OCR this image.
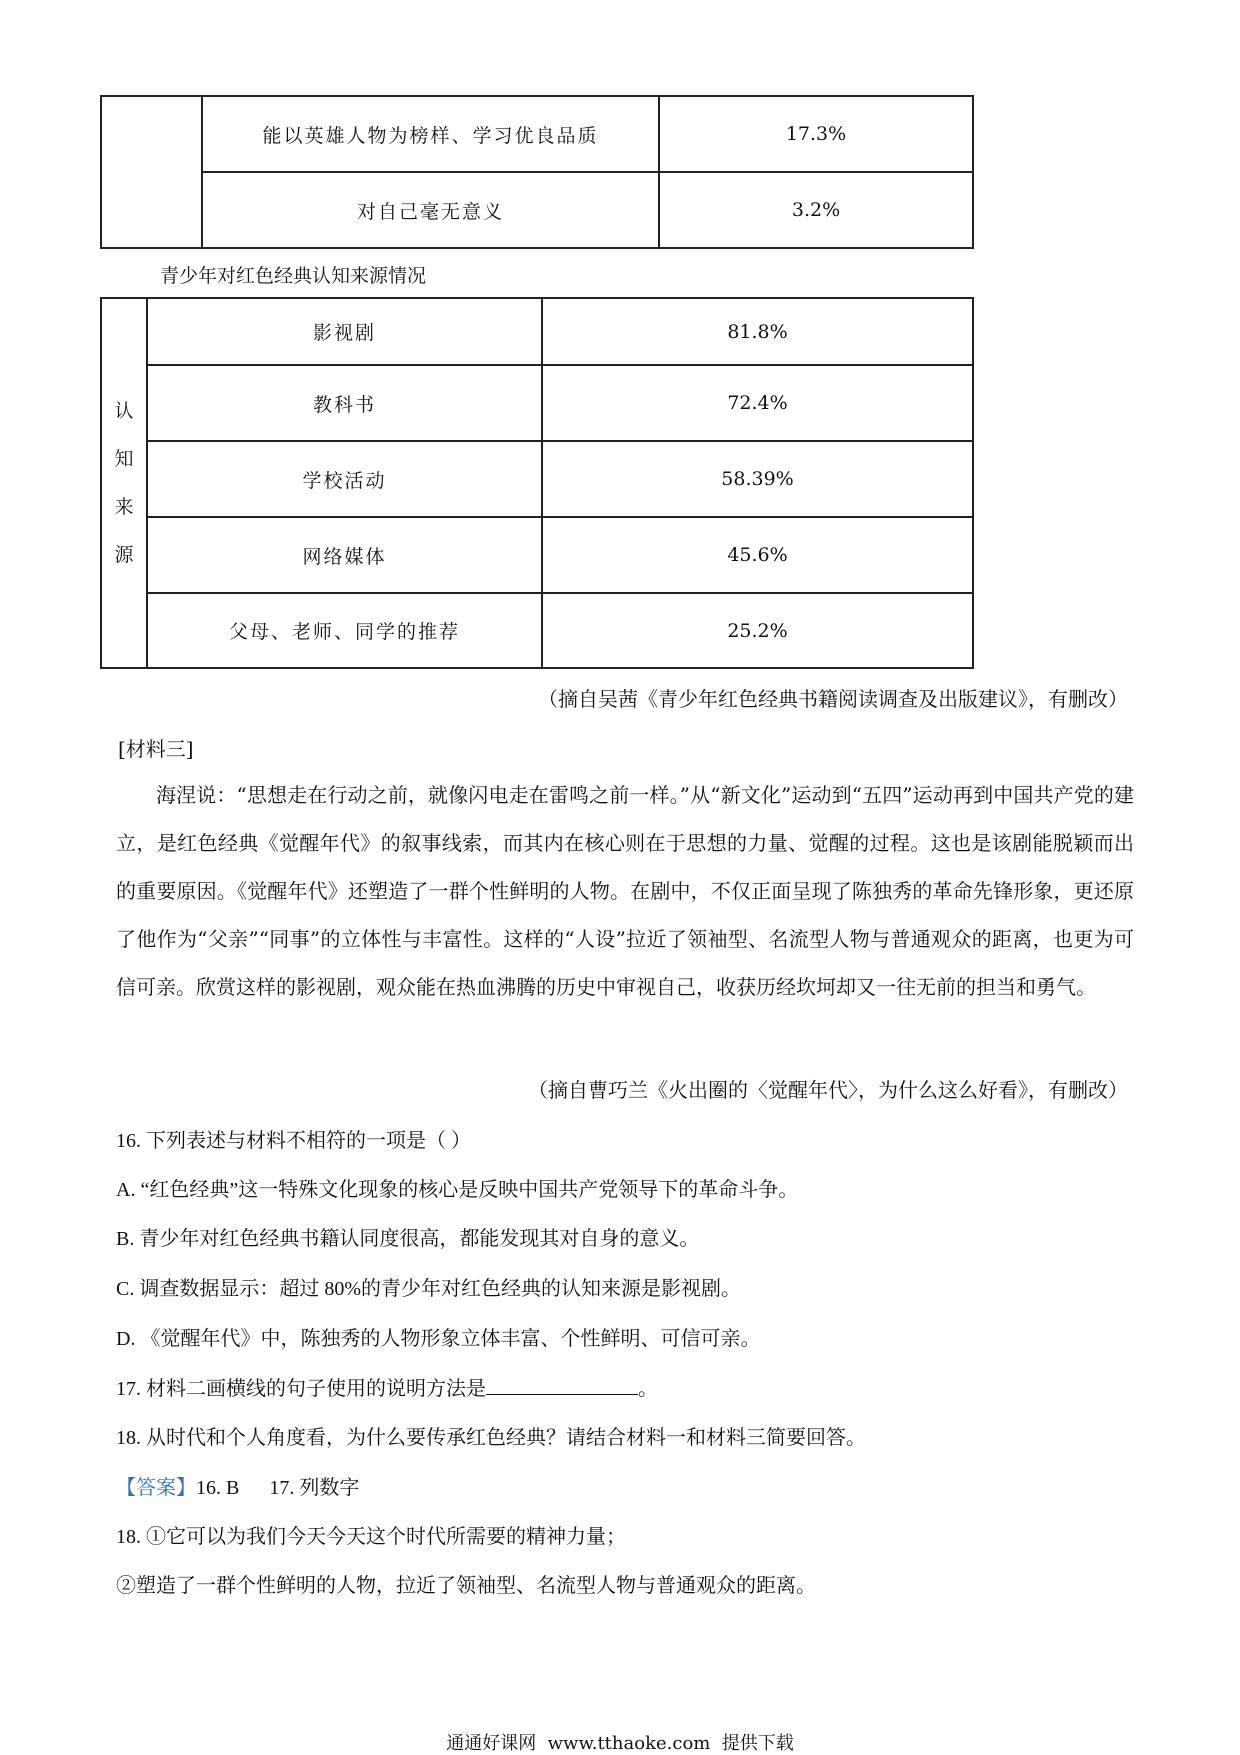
	能以英雄人物为榜样、学习优良品质	17.3%
	对自己毫无意义	3.2%
青少年对红色经典认知来源情况
认
知
来
源	影视剧	81.8%
	教科书	72.4%
	学校活动	58.39%
	网络媒体	45.6%
	父母、老师、同学的推荐	25.2%
（摘自吴茜《青少年红色经典书籍阅读调查及出版建议》，有删改）
[材料三]
海涅说：“思想走在行动之前，就像闪电走在雷鸣之前一样。”从“新文化”运动到“五四”运动再到中国共产党的建立，是红色经典《觉醒年代》的叙事线索，而其内在核心则在于思想的力量、觉醒的过程。这也是该剧能脱颖而出的重要原因。《觉醒年代》还塑造了一群个性鲜明的人物。在剧中，不仅正面呈现了陈独秀的革命先锋形象，更还原了他作为“父亲”“同事”的立体性与丰富性。这样的“人设”拉近了领袖型、名流型人物与普通观众的距离，也更为可信可亲。欣赏这样的影视剧，观众能在热血沸腾的历史中审视自己，收获历经坎坷却又一往无前的担当和勇气。
（摘自曹巧兰《火出圈的〈觉醒年代〉，为什么这么好看》，有删改）
16. 下列表述与材料不相符的一项是（ ）
A. “红色经典”这一特殊文化现象的核心是反映中国共产党领导下的革命斗争。
B. 青少年对红色经典书籍认同度很高，都能发现其对自身的意义。
C. 调查数据显示：超过 80%的青少年对红色经典的认知来源是影视剧。
D. 《觉醒年代》中，陈独秀的人物形象立体丰富、个性鲜明、可信可亲。
17. 材料二画横线的句子使用的说明方法是	。
18. 从时代和个人角度看，为什么要传承红色经典？请结合材料一和材料三简要回答。
【答案】16. B      17. 列数字
18. ①它可以为我们今天今天这个时代所需要的精神力量；
②塑造了一群个性鲜明的人物，拉近了领袖型、名流型人物与普通观众的距离。
通通好课网  www.tthaoke.com  提供下载
